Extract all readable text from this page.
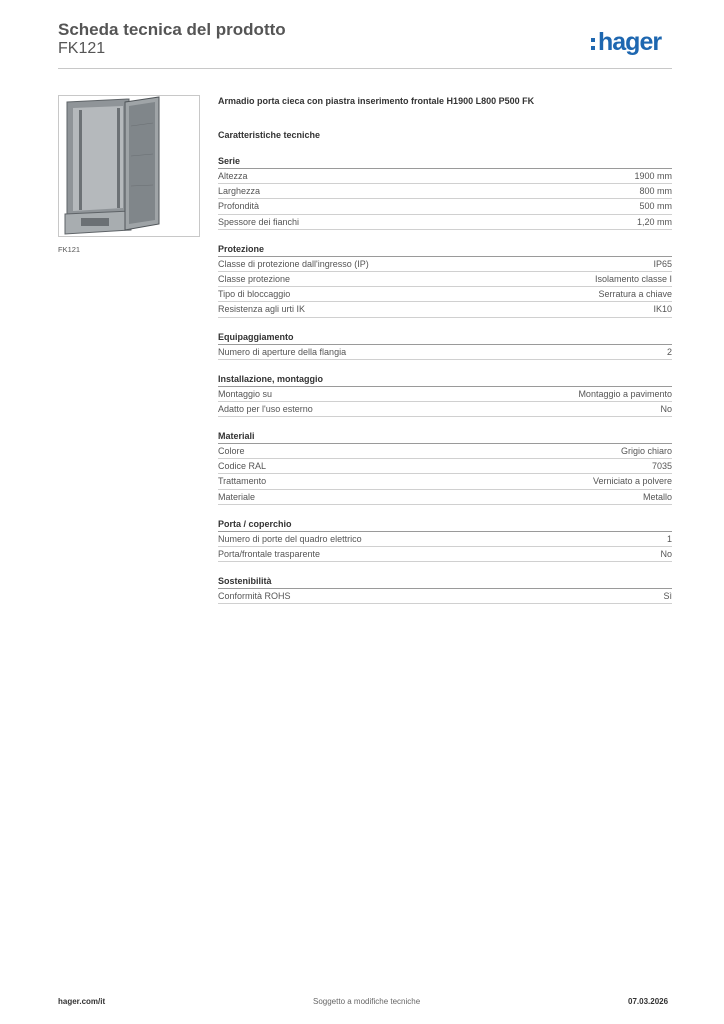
Scheda tecnica del prodotto
FK121	hager
FK121
Armadio porta cieca con piastra inserimento frontale H1900 L800 P500 FK
Caratteristiche tecniche
Serie
Altezza	1900 mm
Larghezza	800 mm
Profondità	500 mm
Spessore dei fianchi	1,20 mm
Protezione
Classe di protezione dall'ingresso (IP)	IP65
Classe protezione	Isolamento classe I
Tipo di bloccaggio	Serratura a chiave
Resistenza agli urti IK	IK10
Equipaggiamento
Numero di aperture della flangia	2
Installazione, montaggio
Montaggio su	Montaggio a pavimento
Adatto per l'uso esterno	No
Materiali
Colore	Grigio chiaro
Codice RAL	7035
Trattamento	Verniciato a polvere
Materiale	Metallo
Porta / coperchio
Numero di porte del quadro elettrico	1
Porta/frontale trasparente	No
Sostenibilità
Conformità ROHS	Sì
hager.com/it	Soggetto a modifiche tecniche	07.03.2026
